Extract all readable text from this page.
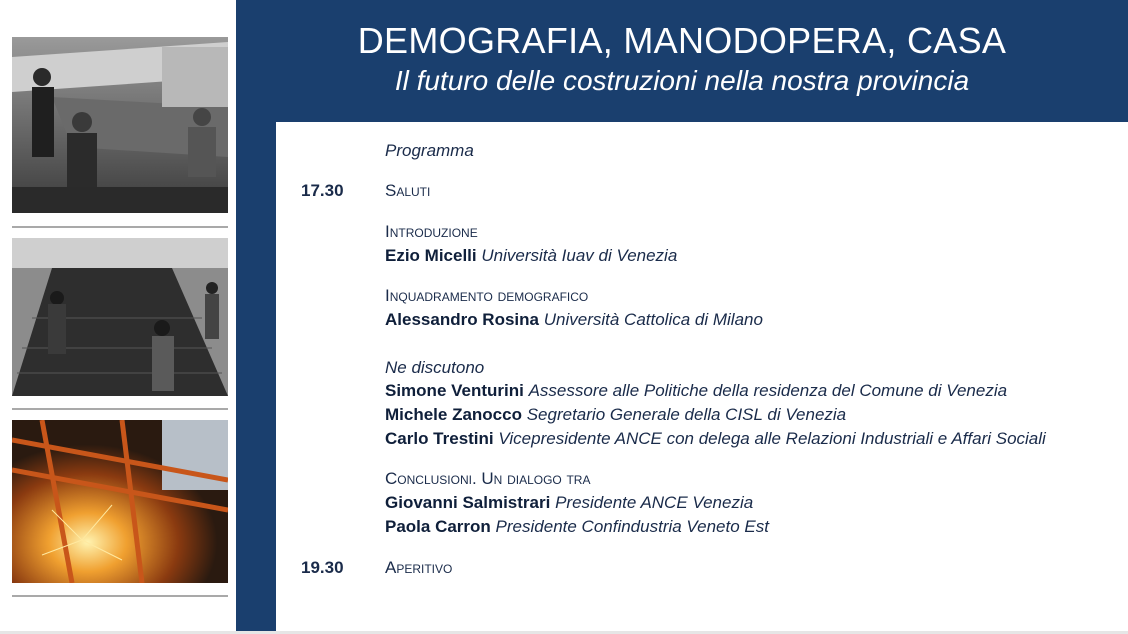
DEMOGRAFIA, MANODOPERA, CASA
Il futuro delle costruzioni nella nostra provincia
Programma
17.30 Saluti
Introduzione
Ezio Micelli Università Iuav di Venezia
Inquadramento demografico
Alessandro Rosina Università Cattolica di Milano
Ne discutono
Simone Venturini Assessore alle Politiche della residenza del Comune di Venezia
Michele Zanocco Segretario Generale della CISL di Venezia
Carlo Trestini Vicepresidente ANCE con delega alle Relazioni Industriali e Affari Sociali
Conclusioni. Un dialogo tra
Giovanni Salmistrari Presidente ANCE Venezia
Paola Carron Presidente Confindustria Veneto Est
19.30 Aperitivo
